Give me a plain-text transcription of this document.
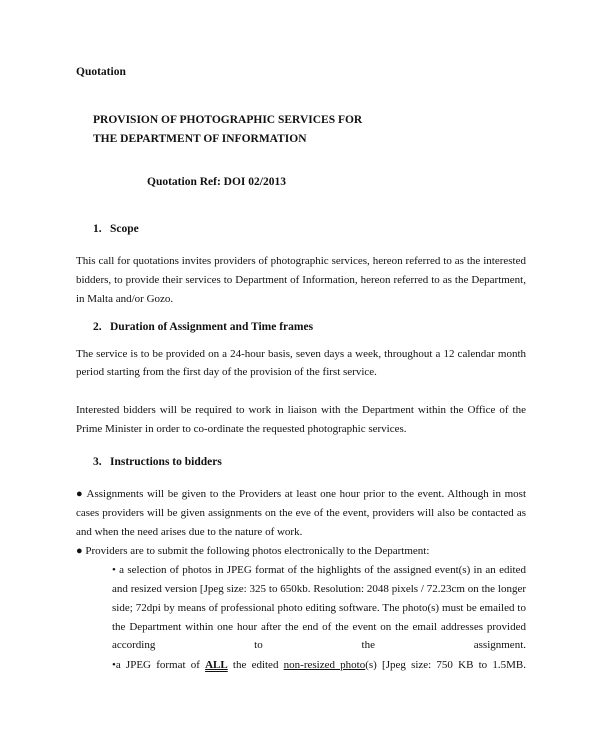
Quotation
PROVISION OF PHOTOGRAPHIC SERVICES FOR
THE DEPARTMENT OF INFORMATION
Quotation Ref: DOI 02/2013
1. Scope
This call for quotations invites providers of photographic services, hereon referred to as the interested
bidders, to provide their services to Department of Information, hereon referred to as the Department,
in Malta and/or Gozo.
2. Duration of Assignment and Time frames
The service is to be provided on a 24-hour basis, seven days a week, throughout a 12 calendar month
period starting from the first day of the provision of the first service.
Interested bidders will be required to work in liaison with the Department within the Office of the
Prime Minister in order to co-ordinate the requested photographic services.
3. Instructions to bidders
● Assignments will be given to the Providers at least one hour prior to the event. Although in most
cases providers will be given assignments on the eve of the event, providers will also be contacted as
and when the need arises due to the nature of work.
● Providers are to submit the following photos electronically to the Department:
• a selection of photos in JPEG format of the highlights of the assigned event(s) in an edited
and resized version [Jpeg size: 325 to 650kb. Resolution: 2048 pixels / 72.23cm on the longer
side; 72dpi by means of professional photo editing software. The photo(s) must be emailed to
the Department within one hour after the end of the event on the email addresses provided
according to the assignment.
•a JPEG format of ALL the edited non-resized photo(s) [Jpeg size: 750 KB to 1.5MB.
